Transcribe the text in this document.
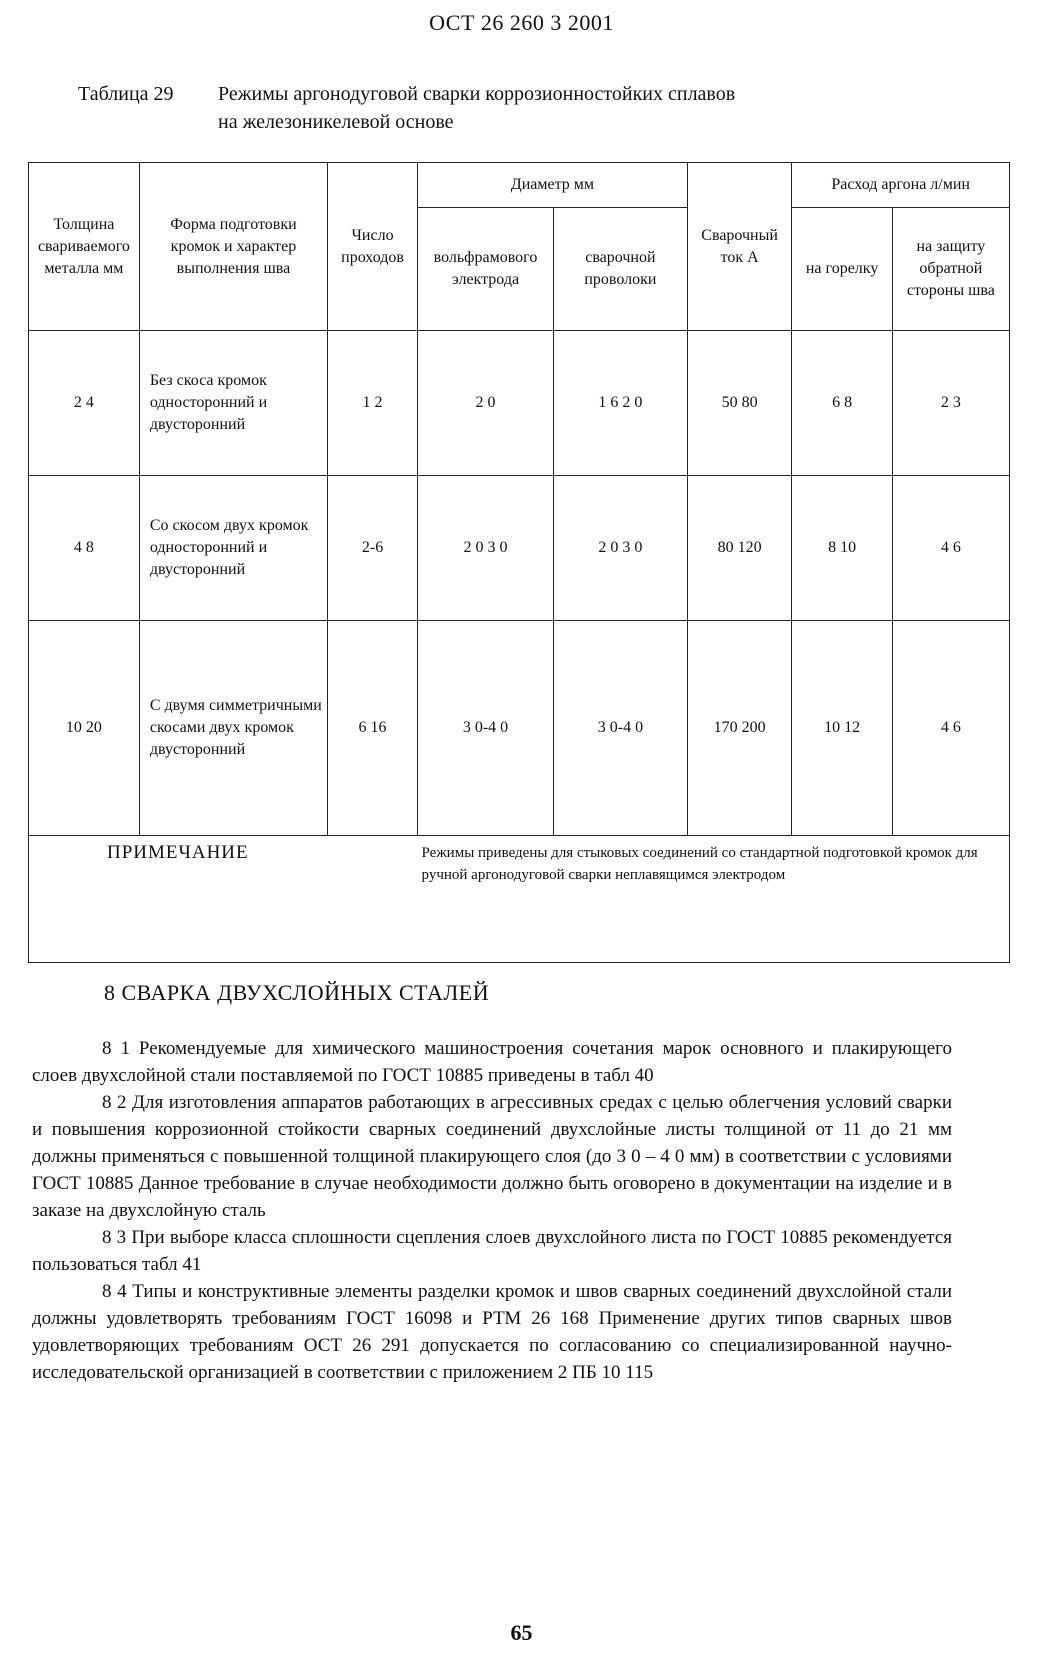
ОСТ 26 260 3 2001
Таблица 29 Режимы аргонодуговой сварки коррозионностойких сплавов
на железоникелевой основе
Толщина свариваемого металла мм	Форма подготовки кромок и характер выполнения шва	Число проходов	Диаметр мм		Сварочный ток А	Расход аргона л/мин	
			вольфрамового электрода	сварочной проволоки		на горелку	на защиту обратной стороны шва
2 4	Без скоса кромок односторонний и двусторонний	1 2	2 0	1 6 2 0	50 80	6 8	2 3
4 8	Со скосом двух кромок односторонний и двусторонний	2-6	2 0 3 0	2 0 3 0	80 120	8 10	4 6
10 20	С двумя симметричными скосами двух кромок двусторонний	6 16	3 0-4 0	3 0-4 0	170 200	10 12	4 6
ПРИМЕЧАНИЕ			Режимы приведены для стыковых соединений со стандартной подготовкой кромок для ручной аргонодуговой сварки неплавящимся электродом				
8 СВАРКА ДВУХСЛОЙНЫХ СТАЛЕЙ

8 1 Рекомендуемые для химического машиностроения сочетания марок основного и плакирующего слоев двухслойной стали поставляемой по ГОСТ 10885 приведены в табл 40

8 2 Для изготовления аппаратов работающих в агрессивных средах с целью облегчения условий сварки и повышения коррозионной стойкости сварных соединений двухслойные листы толщиной от 11 до 21 мм должны применяться с повышенной толщиной плакирующего слоя (до 3 0 – 4 0 мм) в соответствии с условиями ГОСТ 10885 Данное требование в случае необходимости должно быть оговорено в документации на изделие и в заказе на двухслойную сталь

8 3 При выборе класса сплошности сцепления слоев двухслойного листа по ГОСТ 10885 рекомендуется пользоваться табл 41

8 4 Типы и конструктивные элементы разделки кромок и швов сварных соединений двухслойной стали должны удовлетворять требованиям ГОСТ 16098 и РТМ 26 168 Применение других типов сварных швов удовлетворяющих требованиям ОСТ 26 291 допускается по согласованию со специализированной научно-исследовательской организацией в соответствии с приложением 2 ПБ 10 115

65
